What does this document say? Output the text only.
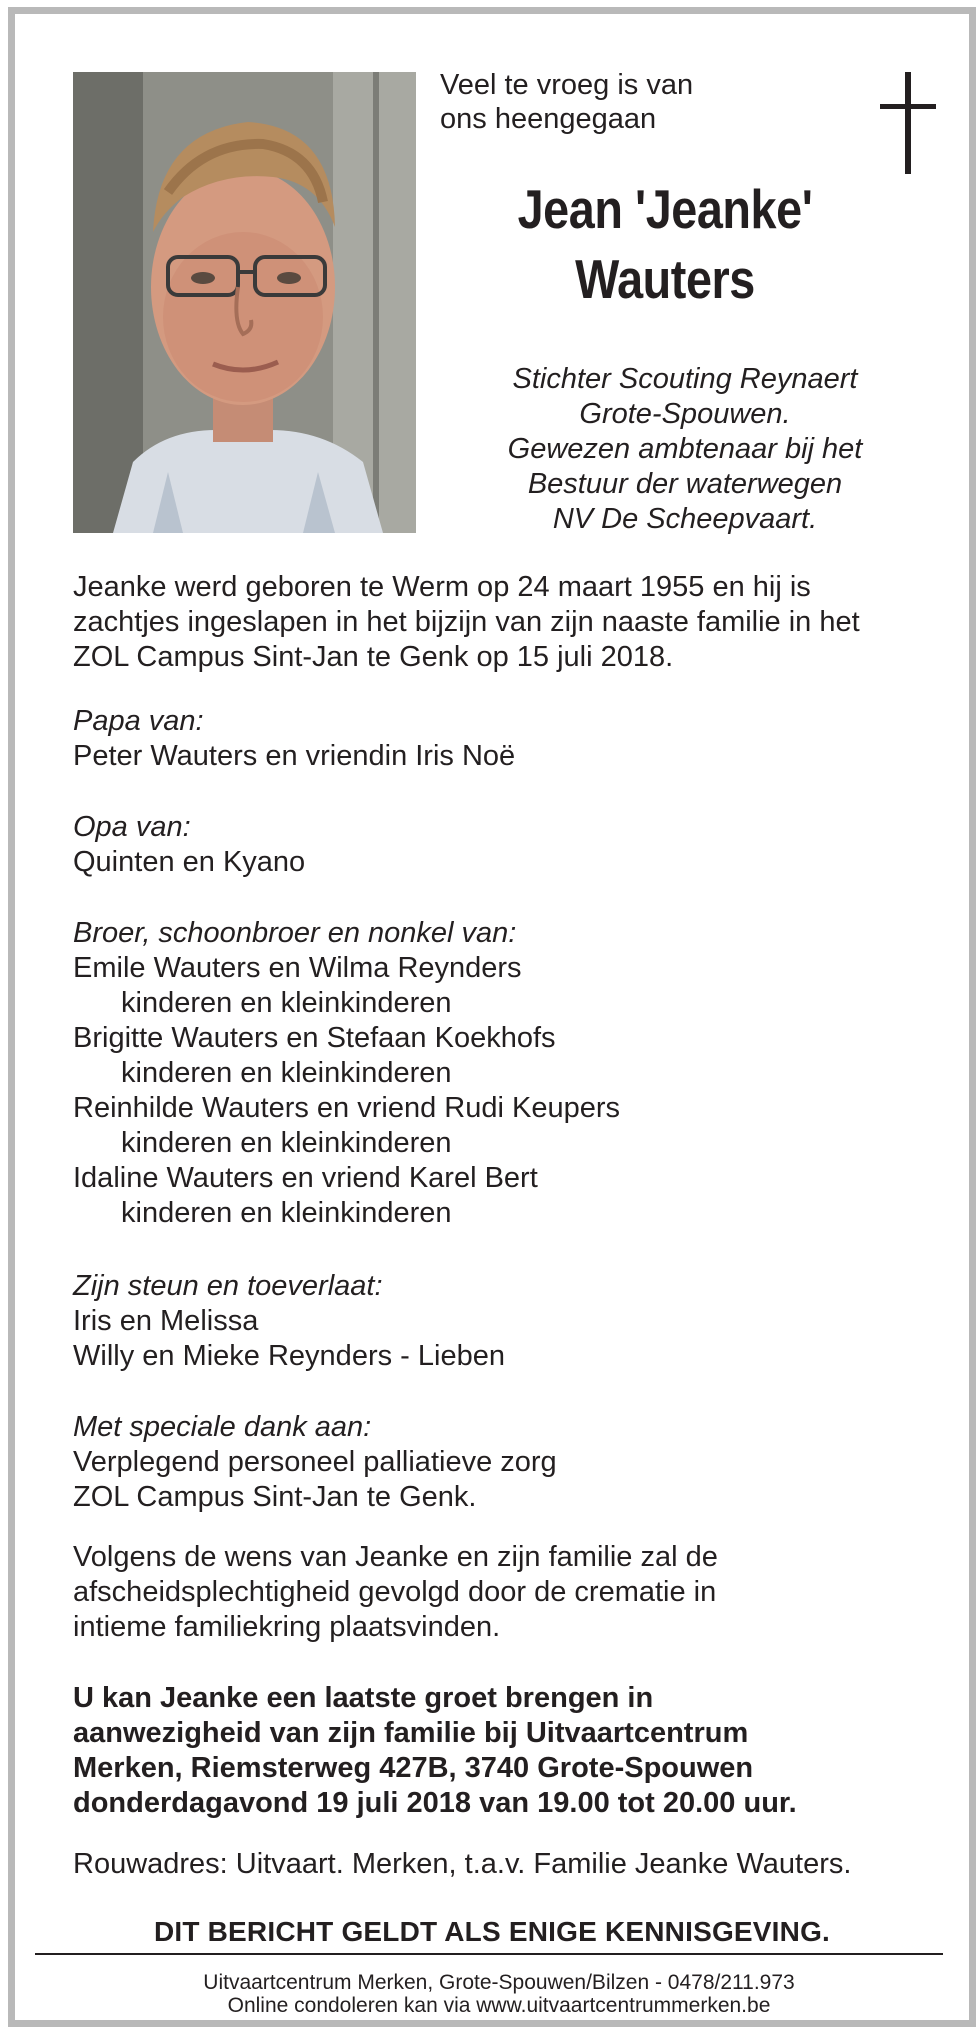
Veel te vroeg is van
ons heengegaan
Jean 'Jeanke'
Wauters
Stichter Scouting Reynaert
Grote-Spouwen.
Gewezen ambtenaar bij het
Bestuur der waterwegen
NV De Scheepvaart.
Jeanke werd geboren te Werm op 24 maart 1955 en hij is
zachtjes ingeslapen in het bijzijn van zijn naaste familie in het
ZOL Campus Sint-Jan te Genk op 15 juli 2018.
Papa van:
Peter Wauters en vriendin Iris Noë
Opa van:
Quinten en Kyano
Broer, schoonbroer en nonkel van:
Emile Wauters en Wilma Reynders
kinderen en kleinkinderen
Brigitte Wauters en Stefaan Koekhofs
kinderen en kleinkinderen
Reinhilde Wauters en vriend Rudi Keupers
kinderen en kleinkinderen
Idaline Wauters en vriend Karel Bert
kinderen en kleinkinderen
Zijn steun en toeverlaat:
Iris en Melissa
Willy en Mieke Reynders - Lieben
Met speciale dank aan:
Verplegend personeel palliatieve zorg
ZOL Campus Sint-Jan te Genk.
Volgens de wens van Jeanke en zijn familie zal de
afscheidsplechtigheid gevolgd door de crematie in
intieme familiekring plaatsvinden.
U kan Jeanke een laatste groet brengen in
aanwezigheid van zijn familie bij Uitvaartcentrum
Merken, Riemsterweg 427B, 3740 Grote-Spouwen
donderdagavond 19 juli 2018 van 19.00 tot 20.00 uur.
Rouwadres: Uitvaart. Merken, t.a.v. Familie Jeanke Wauters.
DIT BERICHT GELDT ALS ENIGE KENNISGEVING.
Uitvaartcentrum Merken, Grote-Spouwen/Bilzen - 0478/211.973
Online condoleren kan via www.uitvaartcentrummerken.be
